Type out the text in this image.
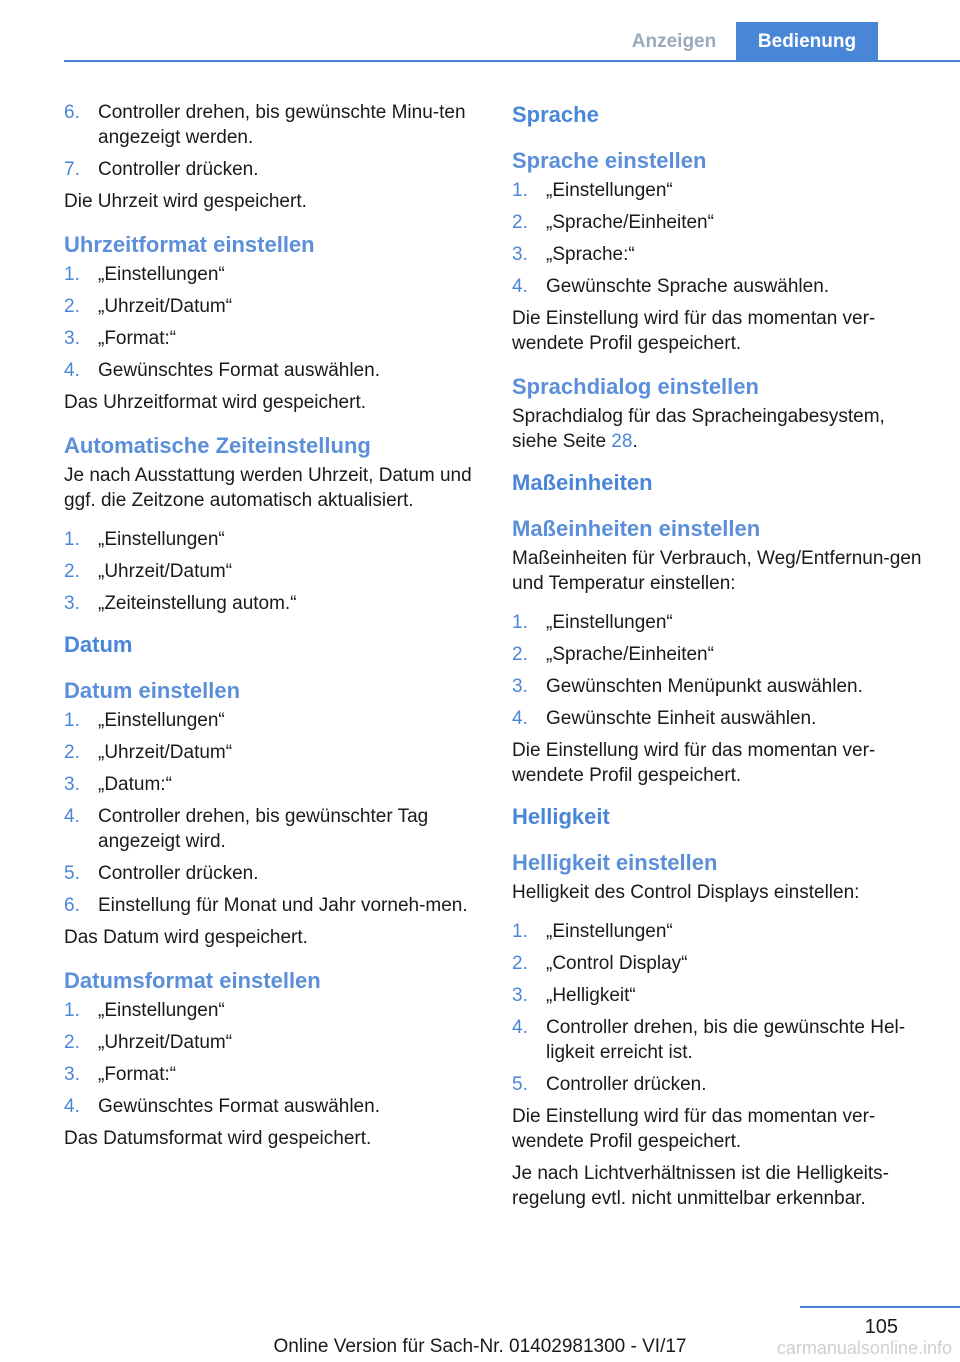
Anzeigen	Bedienung
6. Controller drehen, bis gewünschte Minu-ten angezeigt werden.
7. Controller drücken.
Die Uhrzeit wird gespeichert.
Uhrzeitformat einstellen
1. „Einstellungen“
2. „Uhrzeit/Datum“
3. „Format:“
4. Gewünschtes Format auswählen.
Das Uhrzeitformat wird gespeichert.
Automatische Zeiteinstellung
Je nach Ausstattung werden Uhrzeit, Datum und ggf. die Zeitzone automatisch aktualisiert.
1. „Einstellungen“
2. „Uhrzeit/Datum“
3. „Zeiteinstellung autom.“
Datum
Datum einstellen
1. „Einstellungen“
2. „Uhrzeit/Datum“
3. „Datum:“
4. Controller drehen, bis gewünschter Tag angezeigt wird.
5. Controller drücken.
6. Einstellung für Monat und Jahr vorneh-men.
Das Datum wird gespeichert.
Datumsformat einstellen
1. „Einstellungen“
2. „Uhrzeit/Datum“
3. „Format:“
4. Gewünschtes Format auswählen.
Das Datumsformat wird gespeichert.
Sprache
Sprache einstellen
1. „Einstellungen“
2. „Sprache/Einheiten“
3. „Sprache:“
4. Gewünschte Sprache auswählen.
Die Einstellung wird für das momentan ver-wendete Profil gespeichert.
Sprachdialog einstellen
Sprachdialog für das Spracheingabesystem, siehe Seite 28.
Maßeinheiten
Maßeinheiten einstellen
Maßeinheiten für Verbrauch, Weg/Entfernun-gen und Temperatur einstellen:
1. „Einstellungen“
2. „Sprache/Einheiten“
3. Gewünschten Menüpunkt auswählen.
4. Gewünschte Einheit auswählen.
Die Einstellung wird für das momentan ver-wendete Profil gespeichert.
Helligkeit
Helligkeit einstellen
Helligkeit des Control Displays einstellen:
1. „Einstellungen“
2. „Control Display“
3. „Helligkeit“
4. Controller drehen, bis die gewünschte Hel-ligkeit erreicht ist.
5. Controller drücken.
Die Einstellung wird für das momentan ver-wendete Profil gespeichert.
Je nach Lichtverhältnissen ist die Helligkeits-regelung evtl. nicht unmittelbar erkennbar.
105
Online Version für Sach-Nr. 01402981300 - VI/17	carmanualsonline.info
